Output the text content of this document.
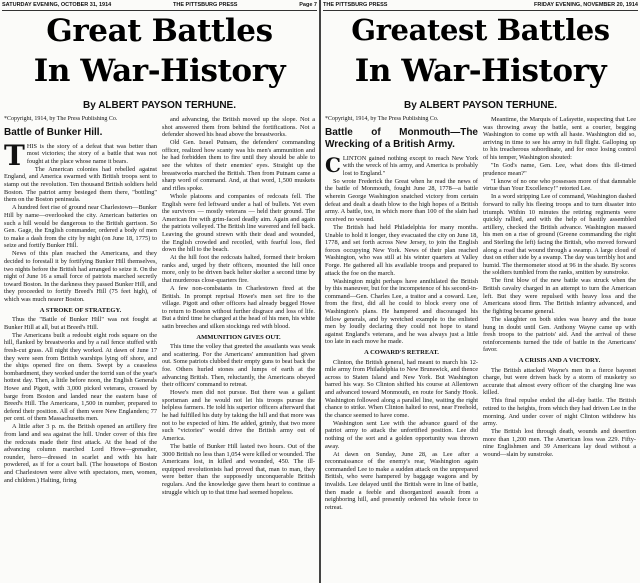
SATURDAY EVENING, OCTOBER 31, 1914	THE PITTSBURG PRESS	Page 7
Great Battles
In War-History
By ALBERT PAYSON TERHUNE.
*Copyright, 1914, by The Press Publishing Co.
Battle of Bunker Hill.

THIS is the story of a defeat that was better than most victories; the story of a battle that was not fought at the place whose name it bears.

The American colonies had rebelled against England, and America swarmed with British troops sent to stamp out the revolution. Ten thousand British soldiers held Boston. The patriot army besieged them there, "bottling" them on the Boston peninsula.

A hundred feet rise of ground near Charlestown—Bunker Hill by name—overlooked the city. American batteries on such a hill would be dangerous to the British garrison. So Gen. Gage, the English commander, ordered a body of men to make a dash from the city by night (on June 18, 1775) to seize and fortify Bunker Hill.

News of this plan reached the Americans, and they decided to forestall it by fortifying Bunker Hill themselves, two nights before the British had arranged to seize it. On the night of June 16 a small force of patriots marched secretly toward Boston. In the darkness they passed Bunker Hill, and they proceeded to fortify Breed's Hill (75 feet high), of which was much nearer Boston.

A STROKE OF STRATEGY.

Thus the "Battle of Bunker Hill" was not fought at Bunker Hill at all, but at Breed's Hill.

The Americans built a redoubt eight rods square on the hill, flanked by breastworks and by a rail fence stuffed with fresh-cut grass. All night they worked. At dawn of June 17 they were seen from British warships lying off shore, and the ships opened fire on them. Swept by a ceaseless bombardment, they worked under the torrid sun of the year's hottest day. Then, a little before noon, the English Generals Howe and Pigott, with 3,000 picked veterans, crossed by barge from Boston and landed near the eastern base of Breed's Hill. The Americans, 1,500 in number, prepared to defend their position. All of them were New Englanders; 77 per cent. of them Massachusetts men.

A little after 3 p. m. the British opened an artillery fire from land and sea against the hill. Under cover of this fire the redcoats made their first attack. At the head of the advancing column marched Lord Howe—grenadier, rounder, hero—dressed in scarlet and with his hair powdered, as if for a court ball. (The housetops of Boston and Charlestown were alive with spectators, men, women, and children.) Halting, firing

and advancing, the British moved up the slope. Not a shot answered them from behind the fortifications. Not a defender showed his head above the breastworks.

Old Gen. Israel Putnam, the defenders' commanding officer, realized how scanty was his men's ammunition and he had forbidden them to fire until they should be able to see the whites of their enemies' eyes. Straight up the breastworks marched the British. Then from Putnam came a sharp word of command. And, at that word, 1,500 muskets and rifles spoke.

Whole platoons and companies of redcoats fell. The English were fed leftward under a hail of bullets. Yet even the survivors — mostly veterans — held their ground. The American fire with grim-faced deadly aim. Again and again the patriots volleyed. The British line wavered and fell back. Leaving the ground strewn with their dead and wounded, the English crowded and recoiled, with fearful loss, fled down the hill to the beach.

At the hill foot the redcoats halted, formed their broken ranks and, urged by their officers, mounted the hill once more, only to be driven back helter skelter a second time by that murderous close-quarters fire.

A few non-combatants in Charlestown fired at the British. In prompt reprisal Howe's men set fire to the village. Pigott and other officers had already begged Howe to return to Boston without further disgrace and loss of life. But a third time he charged at the head of his men, his white satin breeches and silken stockings red with blood.

AMMUNITION GIVES OUT.

This time the volley that greeted the assailants was weak and scattering. For the Americans' ammunition had given out. Some patriots clubbed their empty guns to beat back the foe. Others hurled stones and lumps of earth at the advancing British. Then, reluctantly, the Americans obeyed their officers' command to retreat.

Howe's men did not pursue. But there was a gallant sportsman and he would not let his troops pursue the helpless farmers. He told his superior officers afterward that he had fulfilled his duty by taking the hill and that more was not to be expected of him. He added, grimly, that two more such "victories" would drive the British army out of America.

The battle of Bunker Hill lasted two hours. Out of the 3000 British no less than 1,054 were killed or wounded. The Americans lost, in killed and wounded, 450. The ill-equipped revolutionists had proved that, man to man, they were better than the supposedly unconquerable British regulars. And the knowledge gave them heart to continue a struggle which up to that time had seemed hopeless.

THE PITTSBURG PRESS	FRIDAY EVENING, NOVEMBER 20, 1914
Greatest Battles
In War-History
By ALBERT PAYSON TERHUNE.
*Copyright, 1914, by The Press Publishing Co.
Battle of Monmouth—The Wrecking of a British Army.

CLINTON gained nothing except to reach New York with the wreck of his army, and America is probably lost to England."

So wrote Frederick the Great when he read the news of the battle of Monmouth, fought June 28, 1778—a battle wherein George Washington snatched victory from certain defeat and dealt a death blow to the high hopes of a British army. A battle, too, in which more than 100 of the slain had received no wound.

The British had held Philadelphia for many months. Unable to hold it longer, they evacuated the city on June 18, 1778, and set forth across New Jersey, to join the English forces occupying New York. News of their plan reached Washington, who was still at his winter quarters at Valley Forge. He gathered all his available troops and prepared to attack the foe on the march.

Washington might perhaps have annihilated the British by this maneuver, but for the incompetence of his second-in-command—Gen. Charles Lee, a traitor and a coward. Lee, from the first, did all he could to block every one of Washington's plans. He hampered and discouraged his fellow generals, and by wretched example to the enlisted men by loudly declaring they could not hope to stand against England's veterans, and he was always just a little too late in each move he made.

A COWARD'S RETREAT.

Clinton, the British general, had meant to march his 12-mile army from Philadelphia to New Brunswick, and thence across to Staten Island and New York. But Washington barred his way. So Clinton shifted his course at Allentown and advanced toward Monmouth, en route for Sandy Hook. Washington followed along a parallel line, waiting the right chance to strike. When Clinton halted to rest, near Freehold, the chance seemed to have come.

Washington sent Lee with the advance guard of the patriot army to attack the unfortified position. Lee did nothing of the sort and a golden opportunity was thrown away.

At dawn on Sunday, June 28, as Lee after a reconnaissance of the enemy's rear, Washington again commanded Lee to make a sudden attack on the unprepared British, who were hampered by baggage wagons and by invalids. Lee delayed until the British were in line of battle, then made a feeble and disorganized assault from a neighboring hill, and presently ordered his whole force to retreat.

Meantime, the Marquis of Lafayette, suspecting that Lee was throwing away the battle, sent a courier, begging Washington to come up with all haste. Washington did so, arriving in time to see his army in full flight. Galloping up to his treacherous subordinate, and for once losing control of his temper, Washington shouted:

"In God's name, Gen. Lee, what does this ill-timed prudence mean?"

"I know of no one who possesses more of that damnable virtue than Your Excellency!" retorted Lee.

In a word stripping Lee of command, Washington dashed forward to rally his fleeing troops and to turn disaster into triumph. Within 10 minutes the retiring regiments were quickly rallied, and with the help of hastily assembled artillery, checked the British advance. Washington massed his men on a rise of ground (Greene commanding the right and Sterling the left) facing the British, who moved forward along a road that wound through a swamp. A large cloud of dust on either side by a swamp. The day was terribly hot and humid. The thermometer stood at 96 in the shade. By scores the soldiers tumbled from the ranks, smitten by sunstroke.

The first blow of the new battle was struck when the British cavalry charged in an attempt to turn the American left. But they were repulsed with heavy loss and the Americans stood firm. The British infantry advanced, and the fighting became general.

The slaughter on both sides was heavy and the issue hung in doubt until Gen. Anthony Wayne came up with fresh troops to the patriots' aid. And the arrival of these reinforcements turned the tide of battle in the Americans' favor.

A CRISIS AND A VICTORY.

The British attacked Wayne's men in a fierce bayonet charge, but were driven back by a storm of musketry so accurate that almost every officer of the charging line was killed.

This final repulse ended the all-day battle. The British retired to the heights, from which they had driven Lee in the morning. And under cover of night Clinton withdrew his army.

The British lost through death, wounds and desertion more than 1,200 men. The American loss was 229. Fifty-nine Englishmen and 39 Americans lay dead without a wound—slain by sunstroke.
